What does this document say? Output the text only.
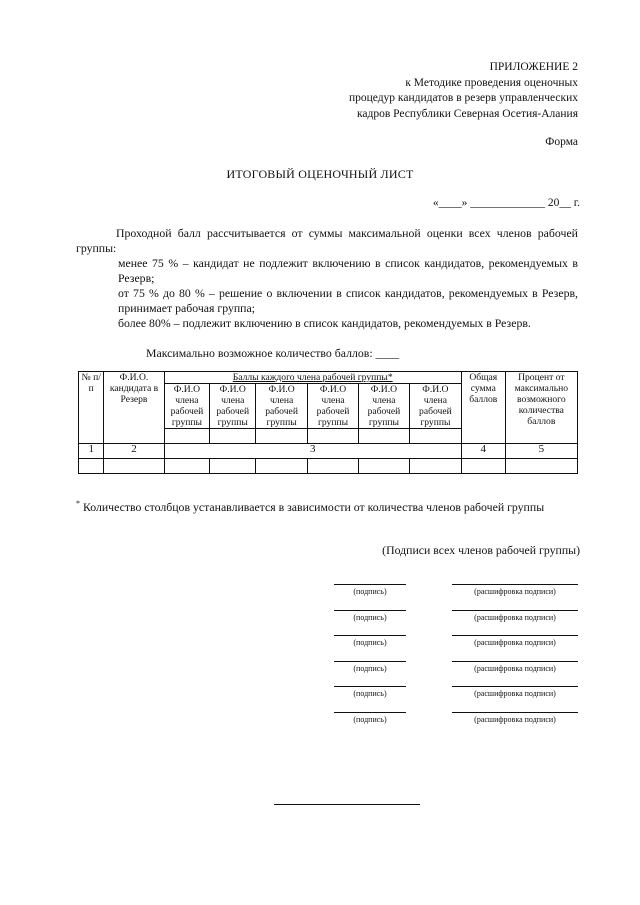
ПРИЛОЖЕНИЕ 2
к Методике проведения оценочных
процедур кандидатов в резерв управленческих
кадров Республики Северная Осетия-Алания
Форма
ИТОГОВЫЙ ОЦЕНОЧНЫЙ ЛИСТ
«____» _____________ 20__ г.
Проходной балл рассчитывается от суммы максимальной оценки всех членов рабочей группы:
менее 75 % – кандидат не подлежит включению в список кандидатов, рекомендуемых в Резерв;
от 75 % до 80 % – решение о включении в список кандидатов, рекомендуемых в Резерв, принимает рабочая группа;
более 80% – подлежит включению в список кандидатов, рекомендуемых в Резерв.
Максимально возможное количество баллов: ____
№ п/п	Ф.И.О. кандидата в Резерв	Баллы каждого члена рабочей группы*						Общая сумма баллов	Процент от максимально возможного количества баллов
		Ф.И.О члена рабочей группы	Ф.И.О члена рабочей группы	Ф.И.О члена рабочей группы	Ф.И.О члена рабочей группы	Ф.И.О члена рабочей группы	Ф.И.О члена рабочей группы		

1	2	3						4	5

* Количество столбцов устанавливается в зависимости от количества членов рабочей группы
(Подписи всех членов рабочей группы)
(подпись)	(расшифровка подписи)
(подпись)	(расшифровка подписи)
(подпись)	(расшифровка подписи)
(подпись)	(расшифровка подписи)
(подпись)	(расшифровка подписи)
(подпись)	(расшифровка подписи)
